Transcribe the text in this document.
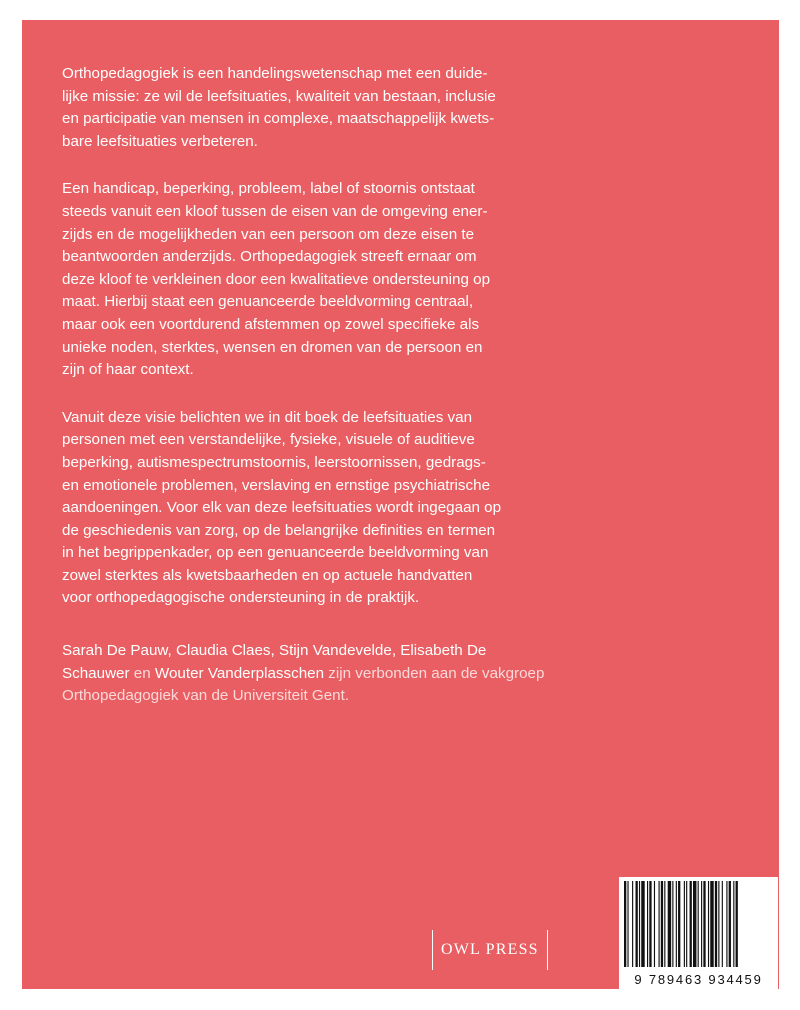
Orthopedagogiek is een handelingswetenschap met een duide-
lijke missie: ze wil de leefsituaties, kwaliteit van bestaan, inclusie
en participatie van mensen in complexe, maatschappelijk kwets-
bare leefsituaties verbeteren.

Een handicap, beperking, probleem, label of stoornis ontstaat
steeds vanuit een kloof tussen de eisen van de omgeving ener-
zijds en de mogelijkheden van een persoon om deze eisen te
beantwoorden anderzijds. Orthopedagogiek streeft ernaar om
deze kloof te verkleinen door een kwalitatieve ondersteuning op
maat. Hierbij staat een genuanceerde beeldvorming centraal,
maar ook een voortdurend afstemmen op zowel specifieke als
unieke noden, sterktes, wensen en dromen van de persoon en
zijn of haar context.

Vanuit deze visie belichten we in dit boek de leefsituaties van
personen met een verstandelijke, fysieke, visuele of auditieve
beperking, autismespectrumstoornis, leerstoornissen, gedrags-
en emotionele problemen, verslaving en ernstige psychiatrische
aandoeningen. Voor elk van deze leefsituaties wordt ingegaan op
de geschiedenis van zorg, op de belangrijke definities en termen
in het begrippenkader, op een genuanceerde beeldvorming van
zowel sterktes als kwetsbaarheden en op actuele handvatten
voor orthopedagogische ondersteuning in de praktijk.

Sarah De Pauw, Claudia Claes, Stijn Vandevelde, Elisabeth De Schauwer en Wouter Vanderplasschen zijn verbonden aan de vakgroep Orthopedagogiek van de Universiteit Gent.
OWL PRESS
9 789463 934459
